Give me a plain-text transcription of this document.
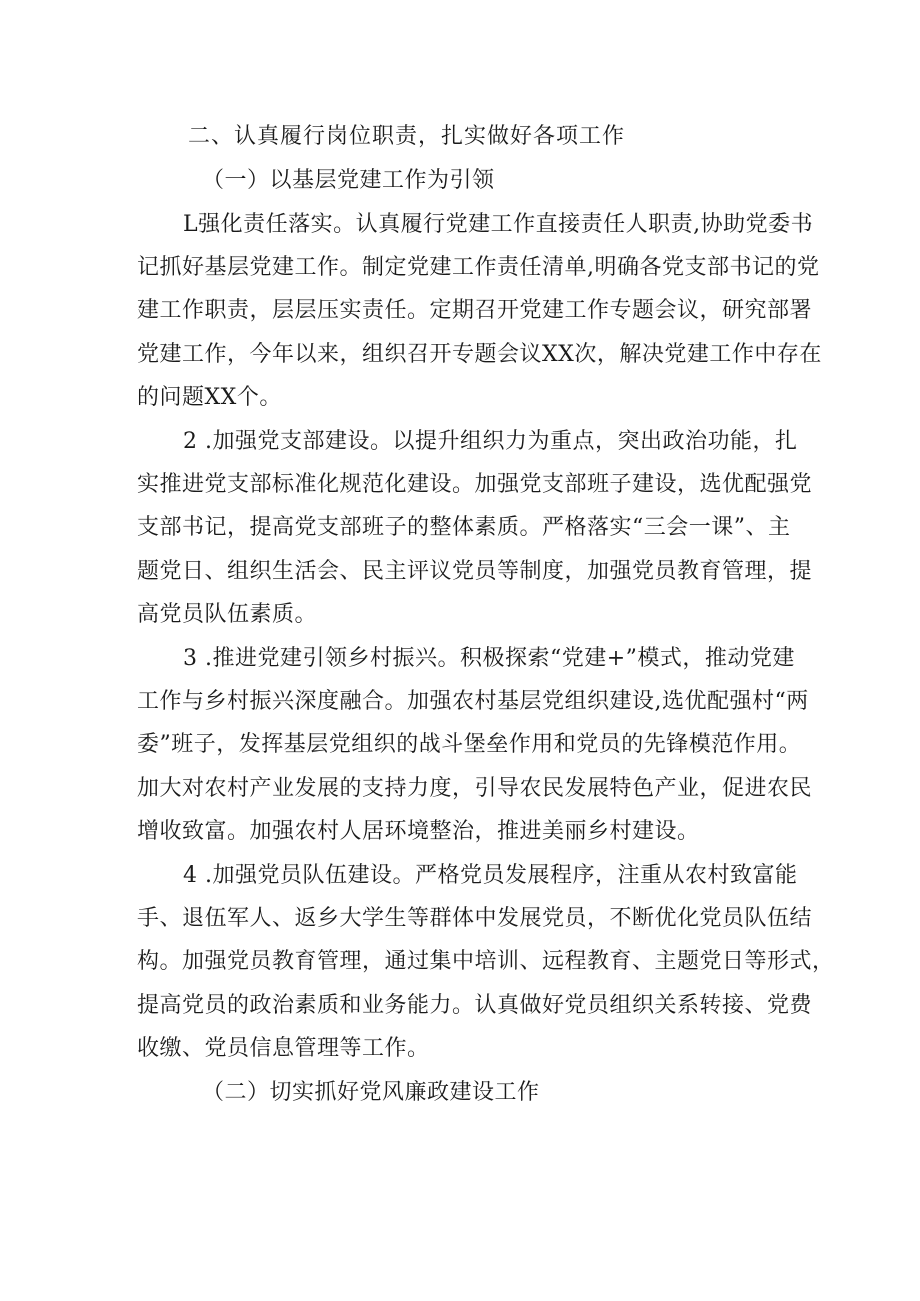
二、认真履行岗位职责，扎实做好各项工作
（一）以基层党建工作为引领
L强化责任落实。认真履行党建工作直接责任人职责,协助党委书
记抓好基层党建工作。制定党建工作责任清单,明确各党支部书记的党
建工作职责，层层压实责任。定期召开党建工作专题会议，研究部署
党建工作，今年以来，组织召开专题会议XX次，解决党建工作中存在
的问题XX个。
2 .加强党支部建设。以提升组织力为重点，突出政治功能，扎
实推进党支部标准化规范化建设。加强党支部班子建设，选优配强党
支部书记，提高党支部班子的整体素质。严格落实“三会一课”、主
题党日、组织生活会、民主评议党员等制度，加强党员教育管理，提
高党员队伍素质。
3 .推进党建引领乡村振兴。积极探索“党建+”模式，推动党建
工作与乡村振兴深度融合。加强农村基层党组织建设,选优配强村“两
委”班子，发挥基层党组织的战斗堡垒作用和党员的先锋模范作用。
加大对农村产业发展的支持力度，引导农民发展特色产业，促进农民
增收致富。加强农村人居环境整治，推进美丽乡村建设。
4 .加强党员队伍建设。严格党员发展程序，注重从农村致富能
手、退伍军人、返乡大学生等群体中发展党员，不断优化党员队伍结
构。加强党员教育管理，通过集中培训、远程教育、主题党日等形式，
提高党员的政治素质和业务能力。认真做好党员组织关系转接、党费
收缴、党员信息管理等工作。
（二）切实抓好党风廉政建设工作
